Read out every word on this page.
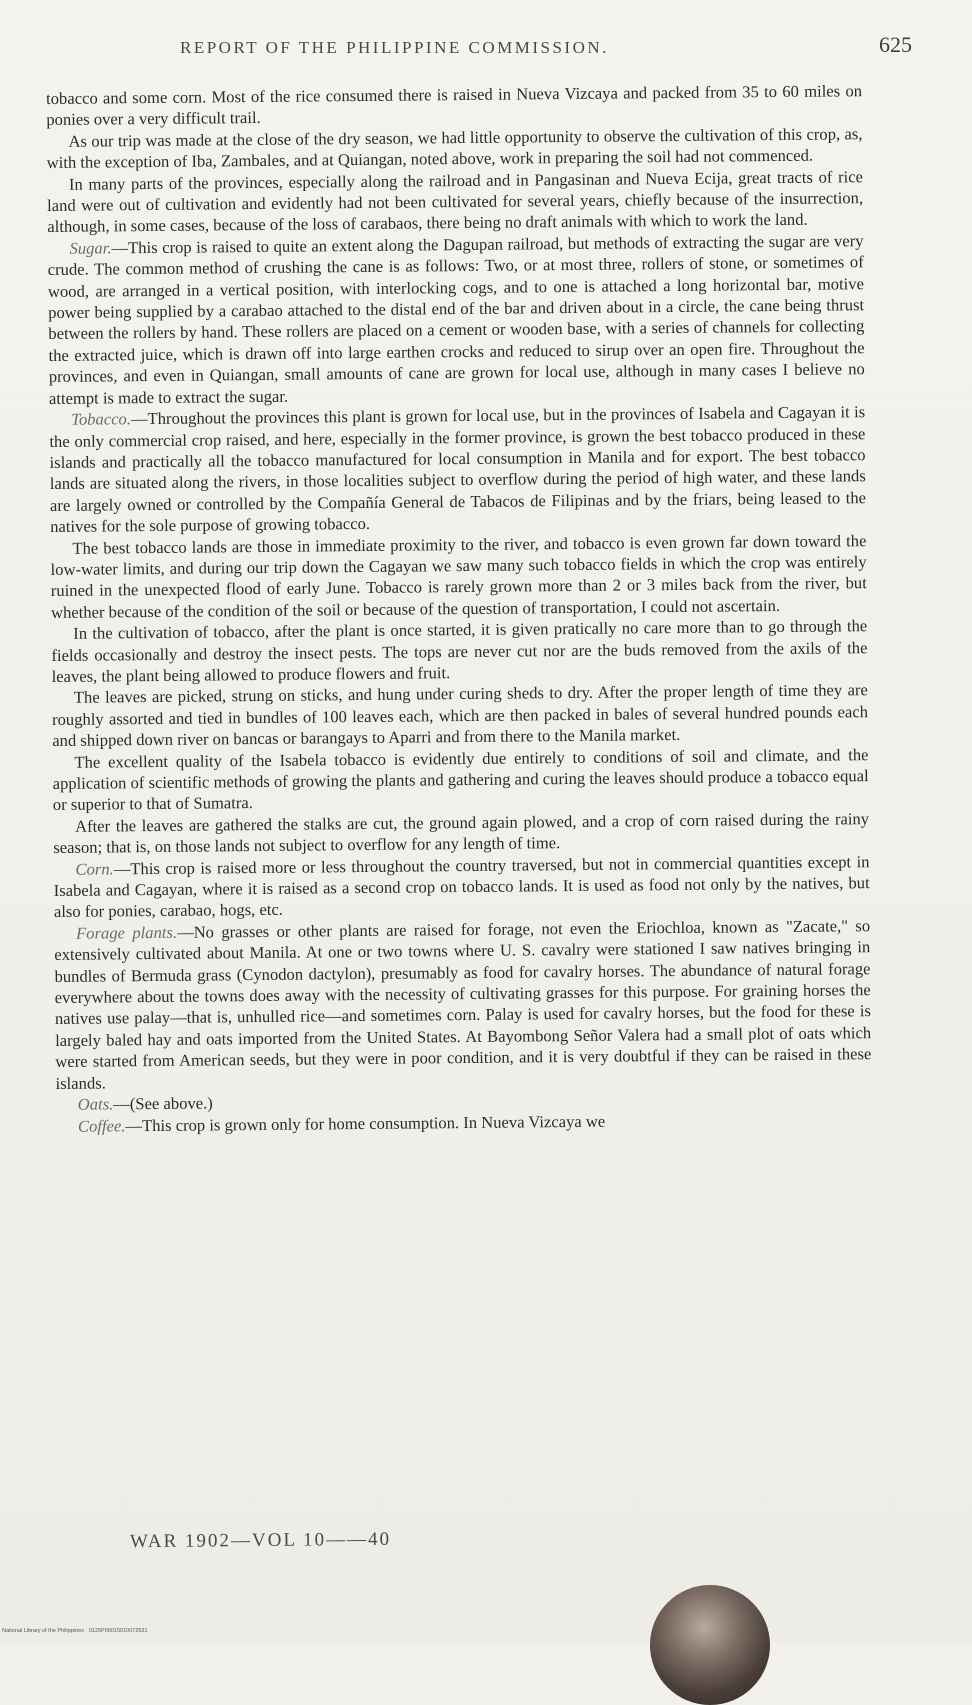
REPORT OF THE PHILIPPINE COMMISSION.	625

tobacco and some corn. Most of the rice consumed there is raised in Nueva Vizcaya and packed from 35 to 60 miles on ponies over a very difficult trail.

As our trip was made at the close of the dry season, we had little opportunity to observe the cultivation of this crop, as, with the exception of Iba, Zambales, and at Quiangan, noted above, work in preparing the soil had not commenced.

In many parts of the provinces, especially along the railroad and in Pangasinan and Nueva Ecija, great tracts of rice land were out of cultivation and evidently had not been cultivated for several years, chiefly because of the insurrection, although, in some cases, because of the loss of carabaos, there being no draft animals with which to work the land.

Sugar.—This crop is raised to quite an extent along the Dagupan railroad, but methods of extracting the sugar are very crude. The common method of crushing the cane is as follows: Two, or at most three, rollers of stone, or sometimes of wood, are arranged in a vertical position, with interlocking cogs, and to one is attached a long horizontal bar, motive power being supplied by a carabao attached to the distal end of the bar and driven about in a circle, the cane being thrust between the rollers by hand. These rollers are placed on a cement or wooden base, with a series of channels for collecting the extracted juice, which is drawn off into large earthen crocks and reduced to sirup over an open fire. Throughout the provinces, and even in Quiangan, small amounts of cane are grown for local use, although in many cases I believe no attempt is made to extract the sugar.

Tobacco.—Throughout the provinces this plant is grown for local use, but in the provinces of Isabela and Cagayan it is the only commercial crop raised, and here, especially in the former province, is grown the best tobacco produced in these islands and practically all the tobacco manufactured for local consumption in Manila and for export. The best tobacco lands are situated along the rivers, in those localities subject to overflow during the period of high water, and these lands are largely owned or controlled by the Compañía General de Tabacos de Filipinas and by the friars, being leased to the natives for the sole purpose of growing tobacco.

The best tobacco lands are those in immediate proximity to the river, and tobacco is even grown far down toward the low-water limits, and during our trip down the Cagayan we saw many such tobacco fields in which the crop was entirely ruined in the unexpected flood of early June. Tobacco is rarely grown more than 2 or 3 miles back from the river, but whether because of the condition of the soil or because of the question of transportation, I could not ascertain.

In the cultivation of tobacco, after the plant is once started, it is given pratically no care more than to go through the fields occasionally and destroy the insect pests. The tops are never cut nor are the buds removed from the axils of the leaves, the plant being allowed to produce flowers and fruit.

The leaves are picked, strung on sticks, and hung under curing sheds to dry. After the proper length of time they are roughly assorted and tied in bundles of 100 leaves each, which are then packed in bales of several hundred pounds each and shipped down river on bancas or barangays to Aparri and from there to the Manila market.

The excellent quality of the Isabela tobacco is evidently due entirely to conditions of soil and climate, and the application of scientific methods of growing the plants and gathering and curing the leaves should produce a tobacco equal or superior to that of Sumatra.

After the leaves are gathered the stalks are cut, the ground again plowed, and a crop of corn raised during the rainy season; that is, on those lands not subject to overflow for any length of time.

Corn.—This crop is raised more or less throughout the country traversed, but not in commercial quantities except in Isabela and Cagayan, where it is raised as a second crop on tobacco lands. It is used as food not only by the natives, but also for ponies, carabao, hogs, etc.

Forage plants.—No grasses or other plants are raised for forage, not even the Eriochloa, known as "Zacate," so extensively cultivated about Manila. At one or two towns where U. S. cavalry were stationed I saw natives bringing in bundles of Bermuda grass (Cynodon dactylon), presumably as food for cavalry horses. The abundance of natural forage everywhere about the towns does away with the necessity of cultivating grasses for this purpose. For graining horses the natives use palay—that is, unhulled rice—and sometimes corn. Palay is used for cavalry horses, but the food for these is largely baled hay and oats imported from the United States. At Bayombong Señor Valera had a small plot of oats which were started from American seeds, but they were in poor condition, and it is very doubtful if they can be raised in these islands.

Oats.—(See above.)

Coffee.—This crop is grown only for home consumption. In Nueva Vizcaya we

WAR 1902—VOL 10——40
National Library of the Philippines · 0125P00015010072531
